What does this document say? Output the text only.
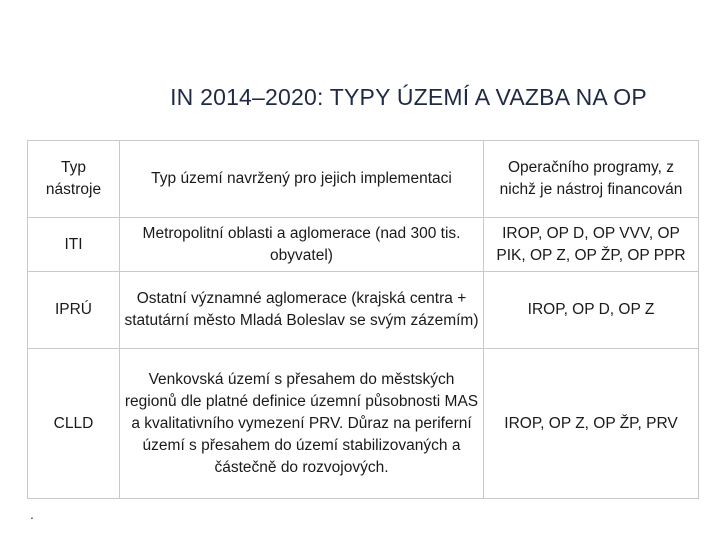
IN 2014–2020: TYPY ÚZEMÍ A VAZBA NA OP
Typ nástroje	Typ území navržený pro jejich implementaci	Operačního programy, z nichž je nástroj financován
ITI	Metropolitní oblasti a aglomerace (nad 300 tis. obyvatel)	IROP, OP D, OP VVV, OP PIK, OP Z, OP ŽP, OP PPR
IPRÚ	Ostatní významné aglomerace (krajská centra + statutární město Mladá Boleslav se svým zázemím)	IROP, OP D, OP Z
CLLD	Venkovská území s přesahem do městských regionů dle platné definice územní působnosti MAS a kvalitativního vymezení PRV. Důraz na periferní území s přesahem do území stabilizovaných a částečně do rozvojových.	IROP, OP Z, OP ŽP, PRV
.
